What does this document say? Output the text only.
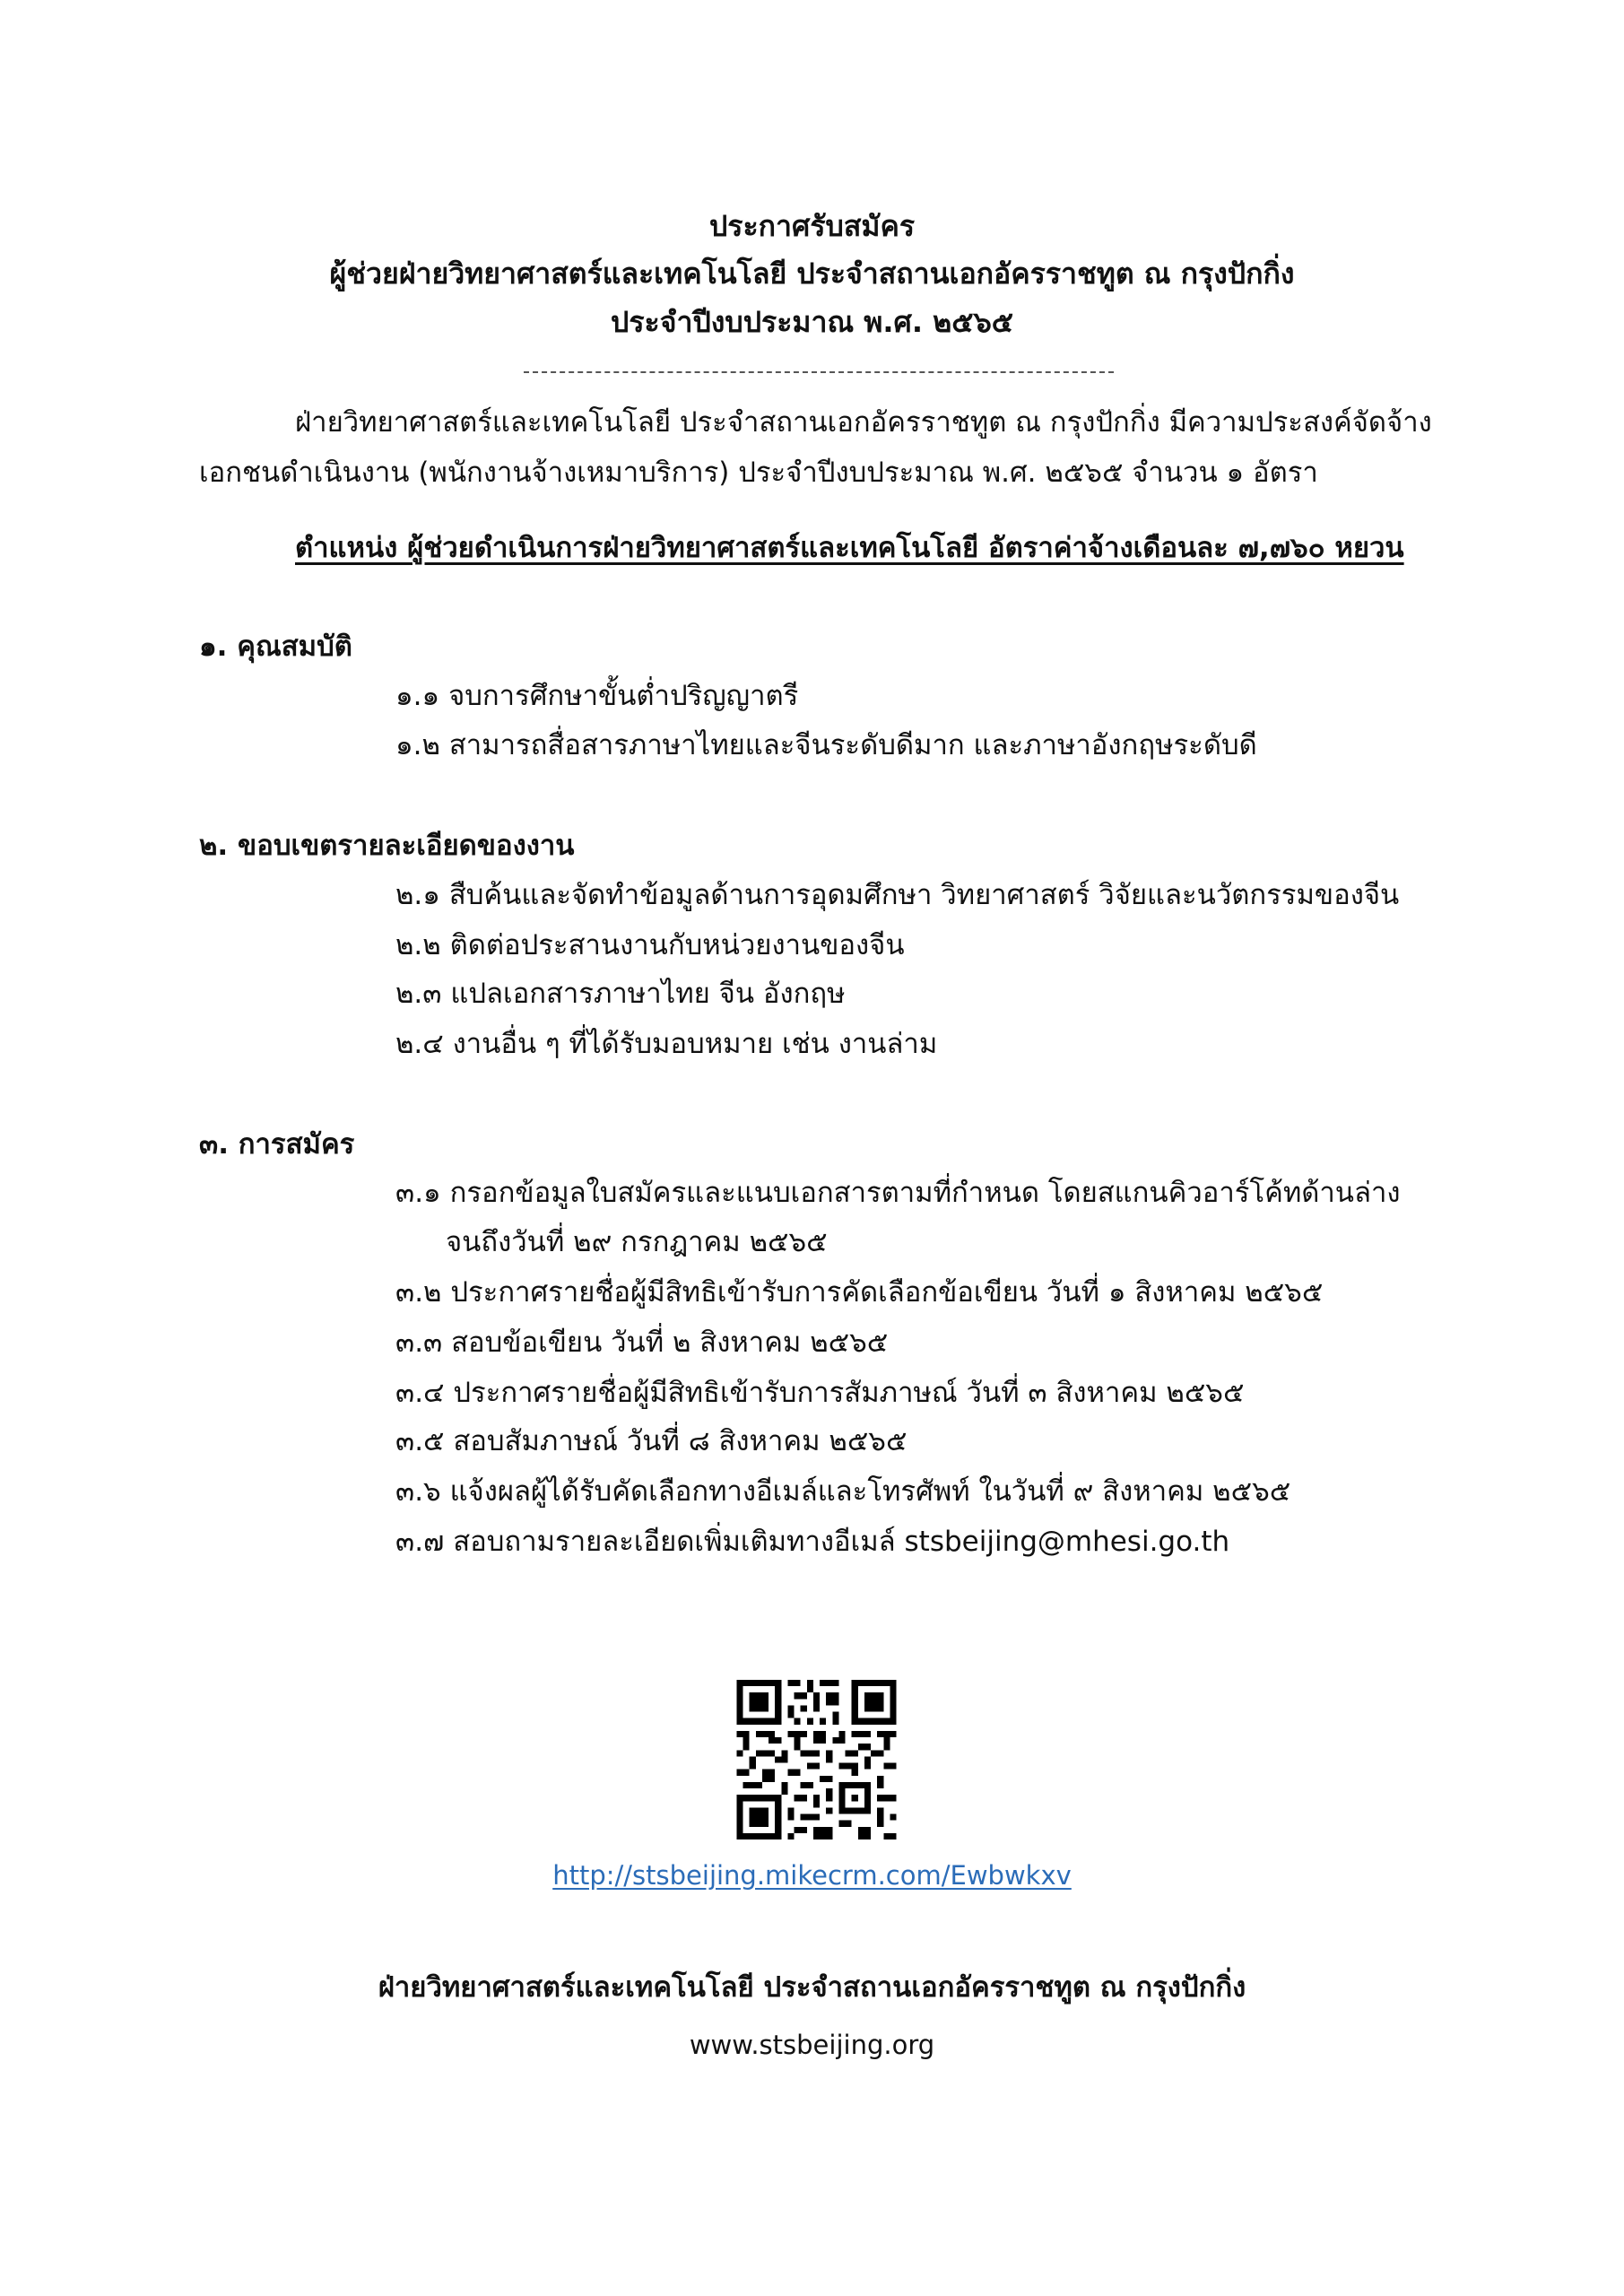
ประกาศรับสมัคร
ผู้ช่วยฝ่ายวิทยาศาสตร์และเทคโนโลยี ประจำสถานเอกอัครราชทูต ณ กรุงปักกิ่ง
ประจำปีงบประมาณ พ.ศ. ๒๕๖๕
ฝ่ายวิทยาศาสตร์และเทคโนโลยี ประจำสถานเอกอัครราชทูต ณ กรุงปักกิ่ง มีความประสงค์จัดจ้าง
เอกชนดำเนินงาน (พนักงานจ้างเหมาบริการ) ประจำปีงบประมาณ พ.ศ. ๒๕๖๕ จำนวน ๑ อัตรา
ตำแหน่ง ผู้ช่วยดำเนินการฝ่ายวิทยาศาสตร์และเทคโนโลยี อัตราค่าจ้างเดือนละ ๗,๗๖๐ หยวน
๑. คุณสมบัติ
๑.๑ จบการศึกษาขั้นต่ำปริญญาตรี
๑.๒ สามารถสื่อสารภาษาไทยและจีนระดับดีมาก และภาษาอังกฤษระดับดี
๒. ขอบเขตรายละเอียดของงาน
๒.๑ สืบค้นและจัดทำข้อมูลด้านการอุดมศึกษา วิทยาศาสตร์ วิจัยและนวัตกรรมของจีน
๒.๒ ติดต่อประสานงานกับหน่วยงานของจีน
๒.๓ แปลเอกสารภาษาไทย จีน อังกฤษ
๒.๔ งานอื่น ๆ ที่ได้รับมอบหมาย เช่น งานล่าม
๓. การสมัคร
๓.๑ กรอกข้อมูลใบสมัครและแนบเอกสารตามที่กำหนด โดยสแกนคิวอาร์โค้ทด้านล่าง
จนถึงวันที่ ๒๙ กรกฎาคม ๒๕๖๕
๓.๒ ประกาศรายชื่อผู้มีสิทธิเข้ารับการคัดเลือกข้อเขียน วันที่ ๑ สิงหาคม ๒๕๖๕
๓.๓ สอบข้อเขียน วันที่ ๒ สิงหาคม ๒๕๖๕
๓.๔ ประกาศรายชื่อผู้มีสิทธิเข้ารับการสัมภาษณ์ วันที่ ๓ สิงหาคม ๒๕๖๕
๓.๕ สอบสัมภาษณ์ วันที่ ๘ สิงหาคม ๒๕๖๕
๓.๖ แจ้งผลผู้ได้รับคัดเลือกทางอีเมล์และโทรศัพท์ ในวันที่ ๙ สิงหาคม ๒๕๖๕
๓.๗ สอบถามรายละเอียดเพิ่มเติมทางอีเมล์ stsbeijing@mhesi.go.th
http://stsbeijing.mikecrm.com/Ewbwkxv
ฝ่ายวิทยาศาสตร์และเทคโนโลยี ประจำสถานเอกอัครราชทูต ณ กรุงปักกิ่ง
www.stsbeijing.org
